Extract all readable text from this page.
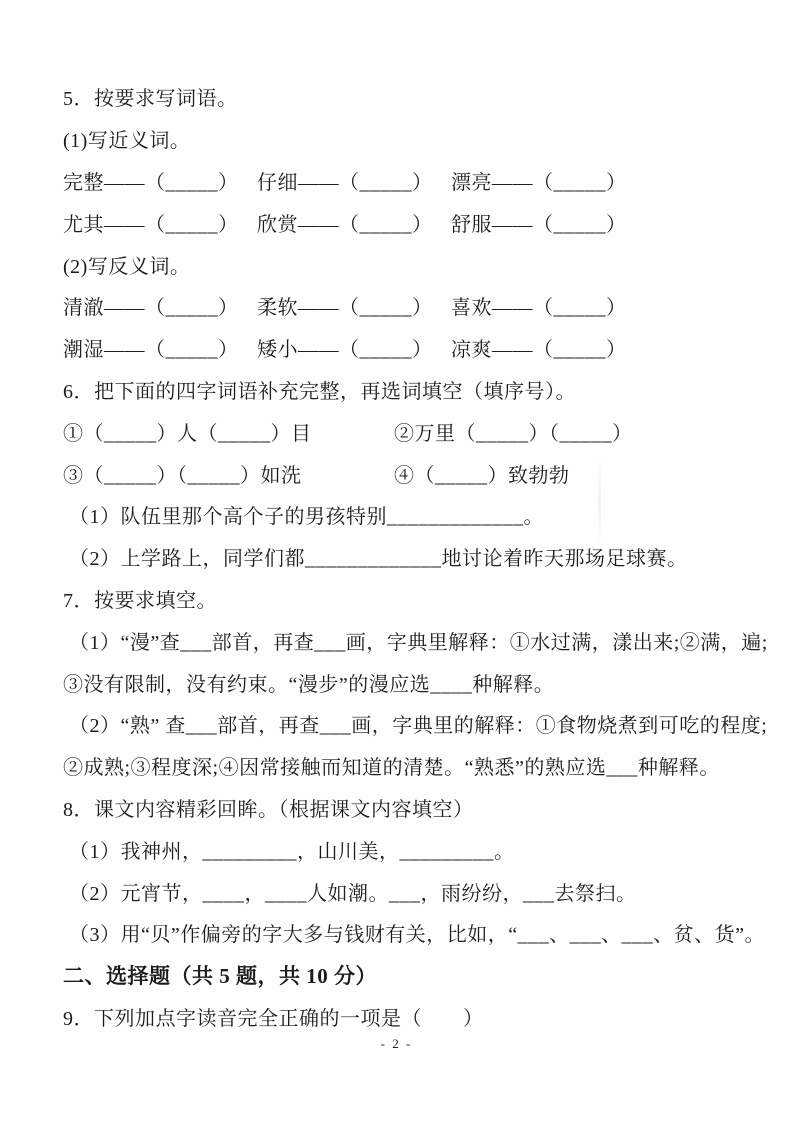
5．按要求写词语。
(1)写近义词。
完整——（_____） 仔细——（_____） 漂亮——（_____）
尤其——（_____） 欣赏——（_____） 舒服——（_____）
(2)写反义词。
清澈——（_____） 柔软——（_____） 喜欢——（_____）
潮湿——（_____） 矮小——（_____） 凉爽——（_____）
6．把下面的四字词语补充完整，再选词填空（填序号）。
①（_____）人（_____）目	②万里（_____）（_____）
③（_____）（_____）如洗	④（_____）致勃勃
（1）队伍里那个高个子的男孩特别_____________。
（2）上学路上，同学们都_____________地讨论着昨天那场足球赛。
7．按要求填空。
（1）“漫”查___部首，再查___画，字典里解释：①水过满，漾出来;②满，遍;
③没有限制，没有约束。“漫步”的漫应选____种解释。
（2）“熟” 查___部首，再查___画，字典里的解释：①食物烧煮到可吃的程度;
②成熟;③程度深;④因常接触而知道的清楚。“熟悉”的熟应选___种解释。
8．课文内容精彩回眸。（根据课文内容填空）
（1）我神州，_________，山川美，_________。
（2）元宵节，____，____人如潮。___，雨纷纷，___去祭扫。
（3）用“贝”作偏旁的字大多与钱财有关，比如，“___、___、___、贫、货”。
二、选择题（共 5 题，共 10 分）
9．下列加点字读音完全正确的一项是（　　）
- 2 -
